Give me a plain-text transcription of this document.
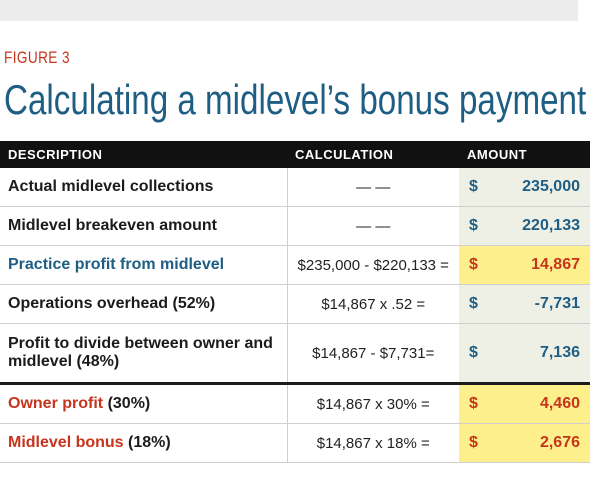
FIGURE 3
Calculating a midlevel’s bonus payment
DESCRIPTION	CALCULATION	AMOUNT
Actual midlevel collections	— —	$ 235,000

Midlevel breakeven amount	— —	$ 220,133

Practice profit from midlevel	$235,000 - $220,133 =	$ 14,867

Operations overhead (52%)	$14,867 x .52 =	$ -7,731

Profit to divide between owner and
midlevel (48%)	$14,867 - $7,731=	$ 7,136

Owner profit (30%)	$14,867 x 30% =	$ 4,460

Midlevel bonus (18%)	$14,867 x 18% =	$ 2,676
